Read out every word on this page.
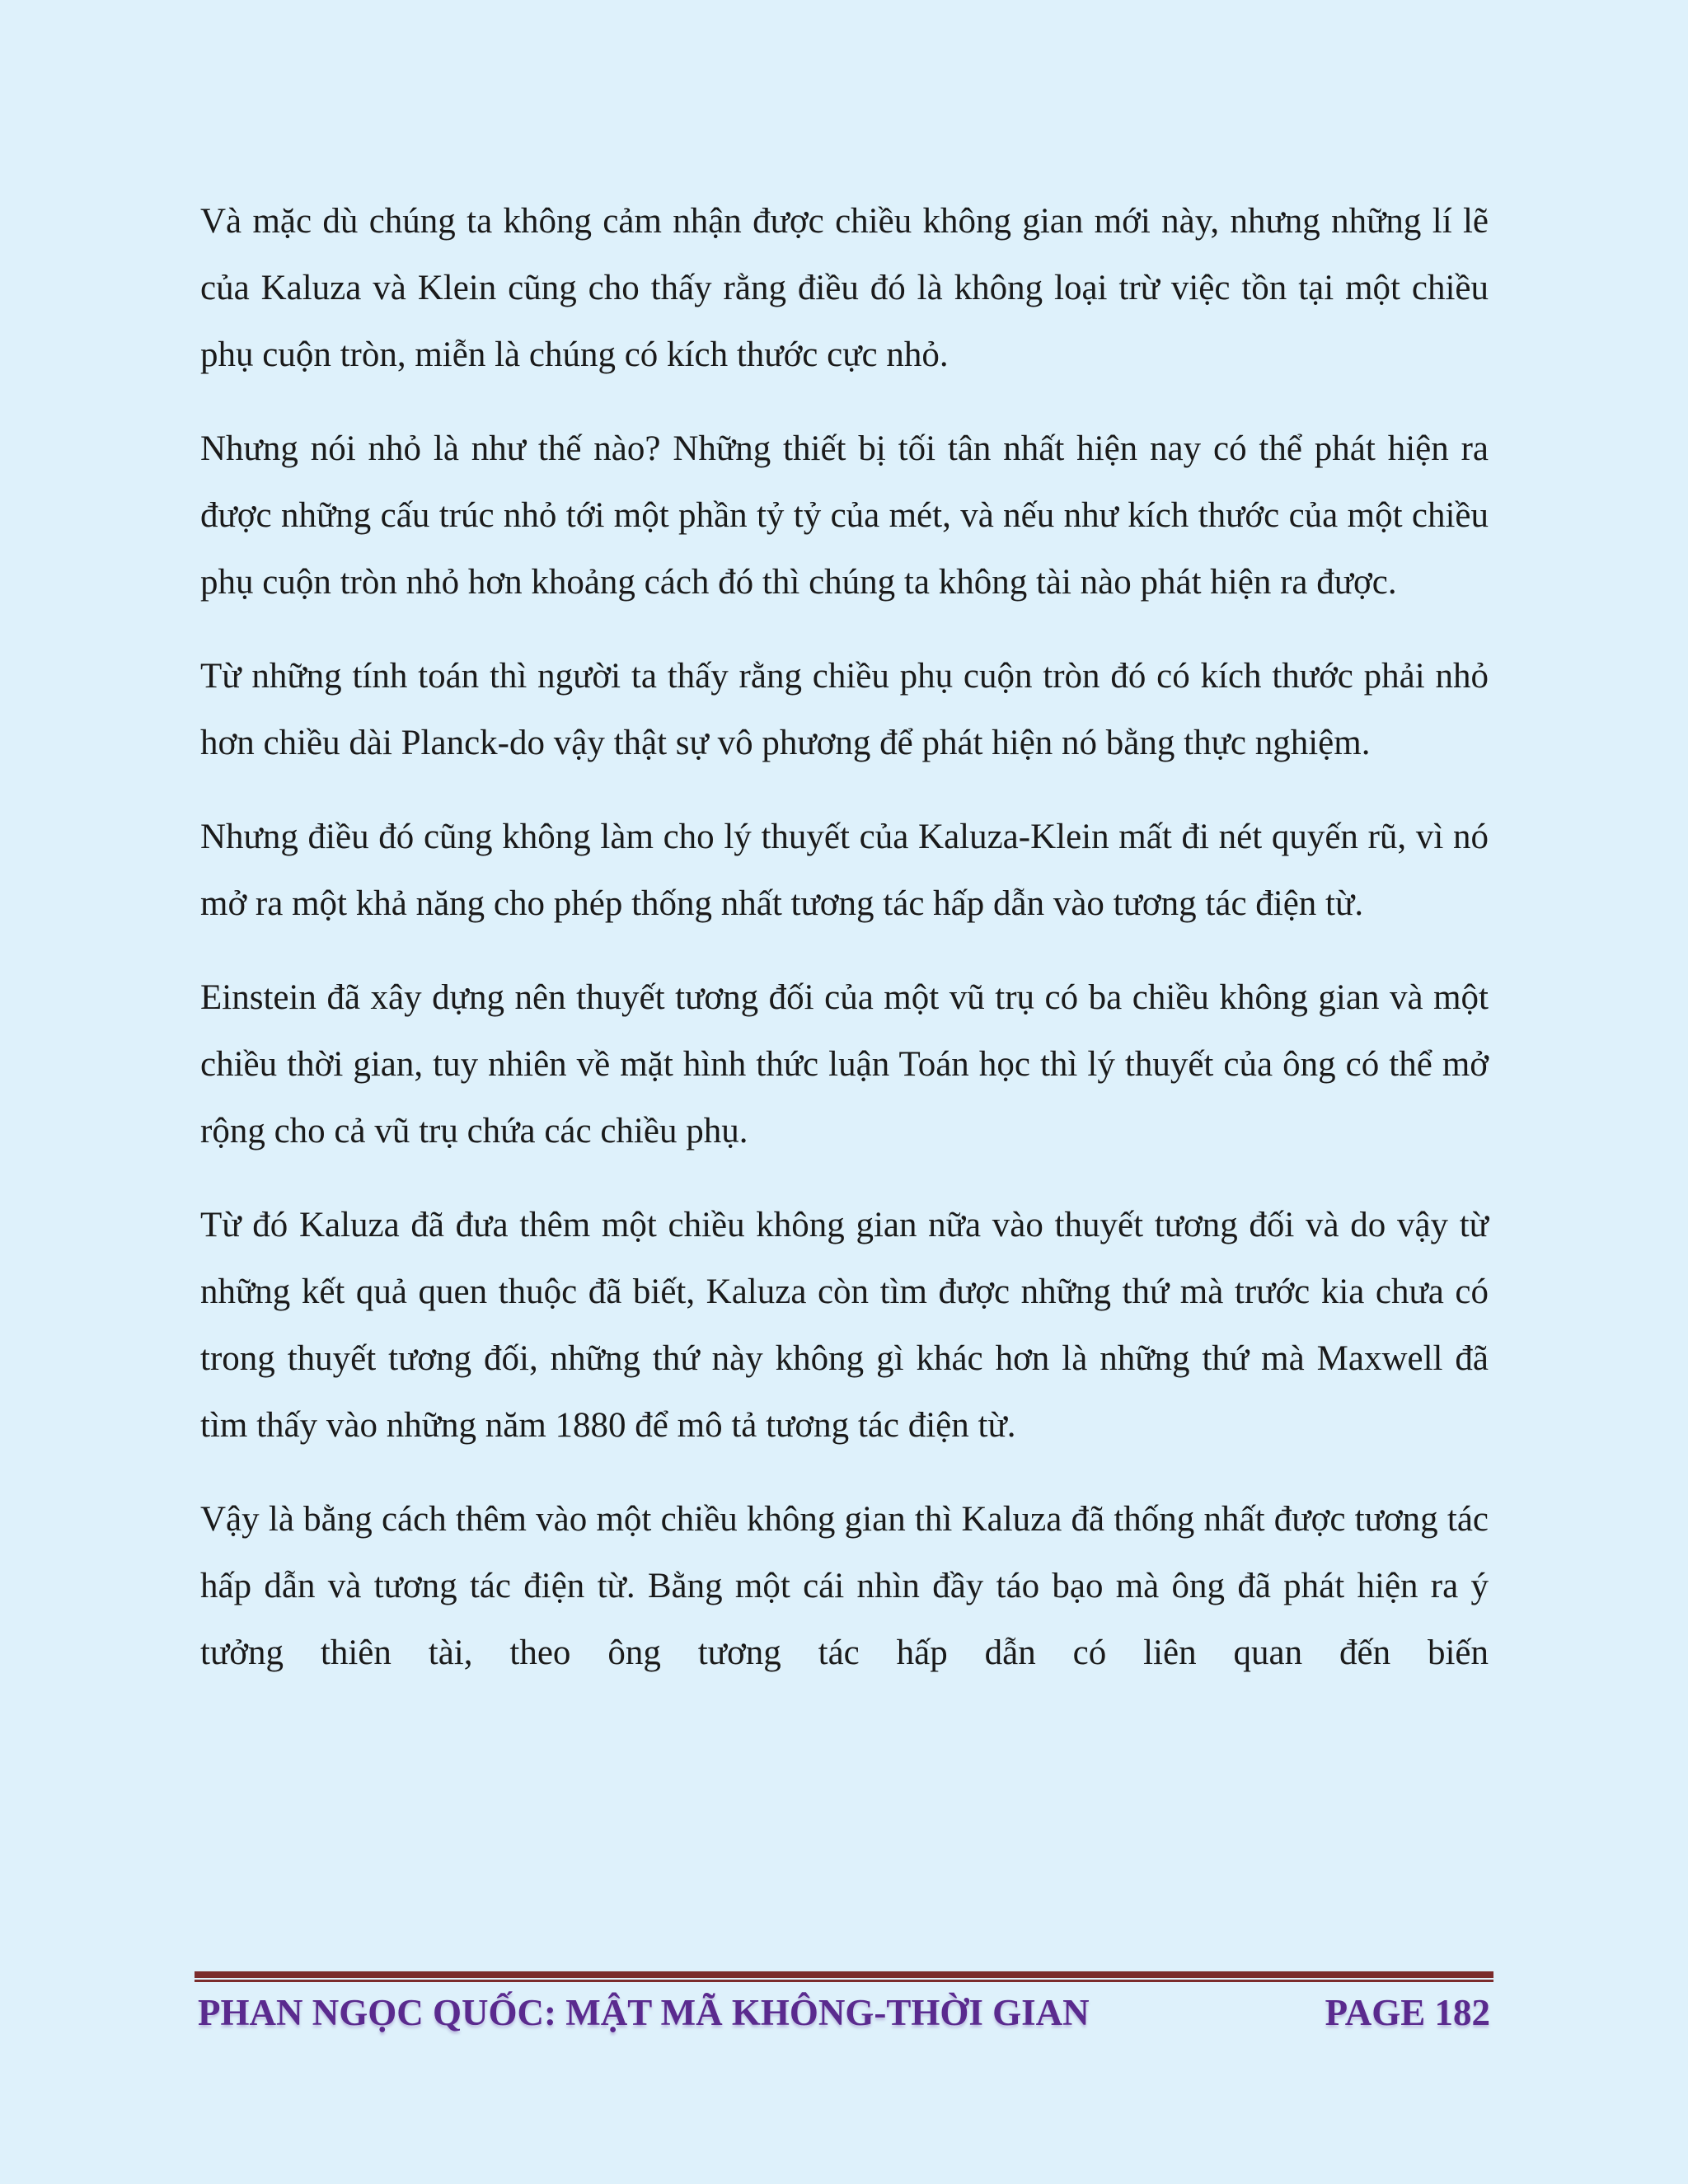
Và mặc dù chúng ta không cảm nhận được chiều không gian mới này, nhưng những lí lẽ của Kaluza và Klein cũng cho thấy rằng điều đó là không loại trừ việc tồn tại một chiều phụ cuộn tròn, miễn là chúng có kích thước cực nhỏ.

Nhưng nói nhỏ là như thế nào? Những thiết bị tối tân nhất hiện nay có thể phát hiện ra được những cấu trúc nhỏ tới một phần tỷ tỷ của mét, và nếu như kích thước của một chiều phụ cuộn tròn nhỏ hơn khoảng cách đó thì chúng ta không tài nào phát hiện ra được.

Từ những tính toán thì người ta thấy rằng chiều phụ cuộn tròn đó có kích thước phải nhỏ hơn chiều dài Planck-do vậy thật sự vô phương để phát hiện nó bằng thực nghiệm.

Nhưng điều đó cũng không làm cho lý thuyết của Kaluza-Klein mất đi nét quyến rũ, vì nó mở ra một khả năng cho phép thống nhất tương tác hấp dẫn vào tương tác điện từ.

Einstein đã xây dựng nên thuyết tương đối của một vũ trụ có ba chiều không gian và một chiều thời gian, tuy nhiên về mặt hình thức luận Toán học thì lý thuyết của ông có thể mở rộng cho cả vũ trụ chứa các chiều phụ.

Từ đó Kaluza đã đưa thêm một chiều không gian nữa vào thuyết tương đối và do vậy từ những kết quả quen thuộc đã biết, Kaluza còn tìm được những thứ mà trước kia chưa có trong thuyết tương đối, những thứ này không gì khác hơn là những thứ mà Maxwell đã tìm thấy vào những năm 1880 để mô tả tương tác điện từ.

Vậy là bằng cách thêm vào một chiều không gian thì Kaluza đã thống nhất được tương tác hấp dẫn và tương tác điện từ. Bằng một cái nhìn đầy táo bạo mà ông đã phát hiện ra ý tưởng thiên tài, theo ông tương tác hấp dẫn có liên quan đến biến

PHAN NGỌC QUỐC: MẬT MÃ KHÔNG-THỜI GIAN	PAGE 182
